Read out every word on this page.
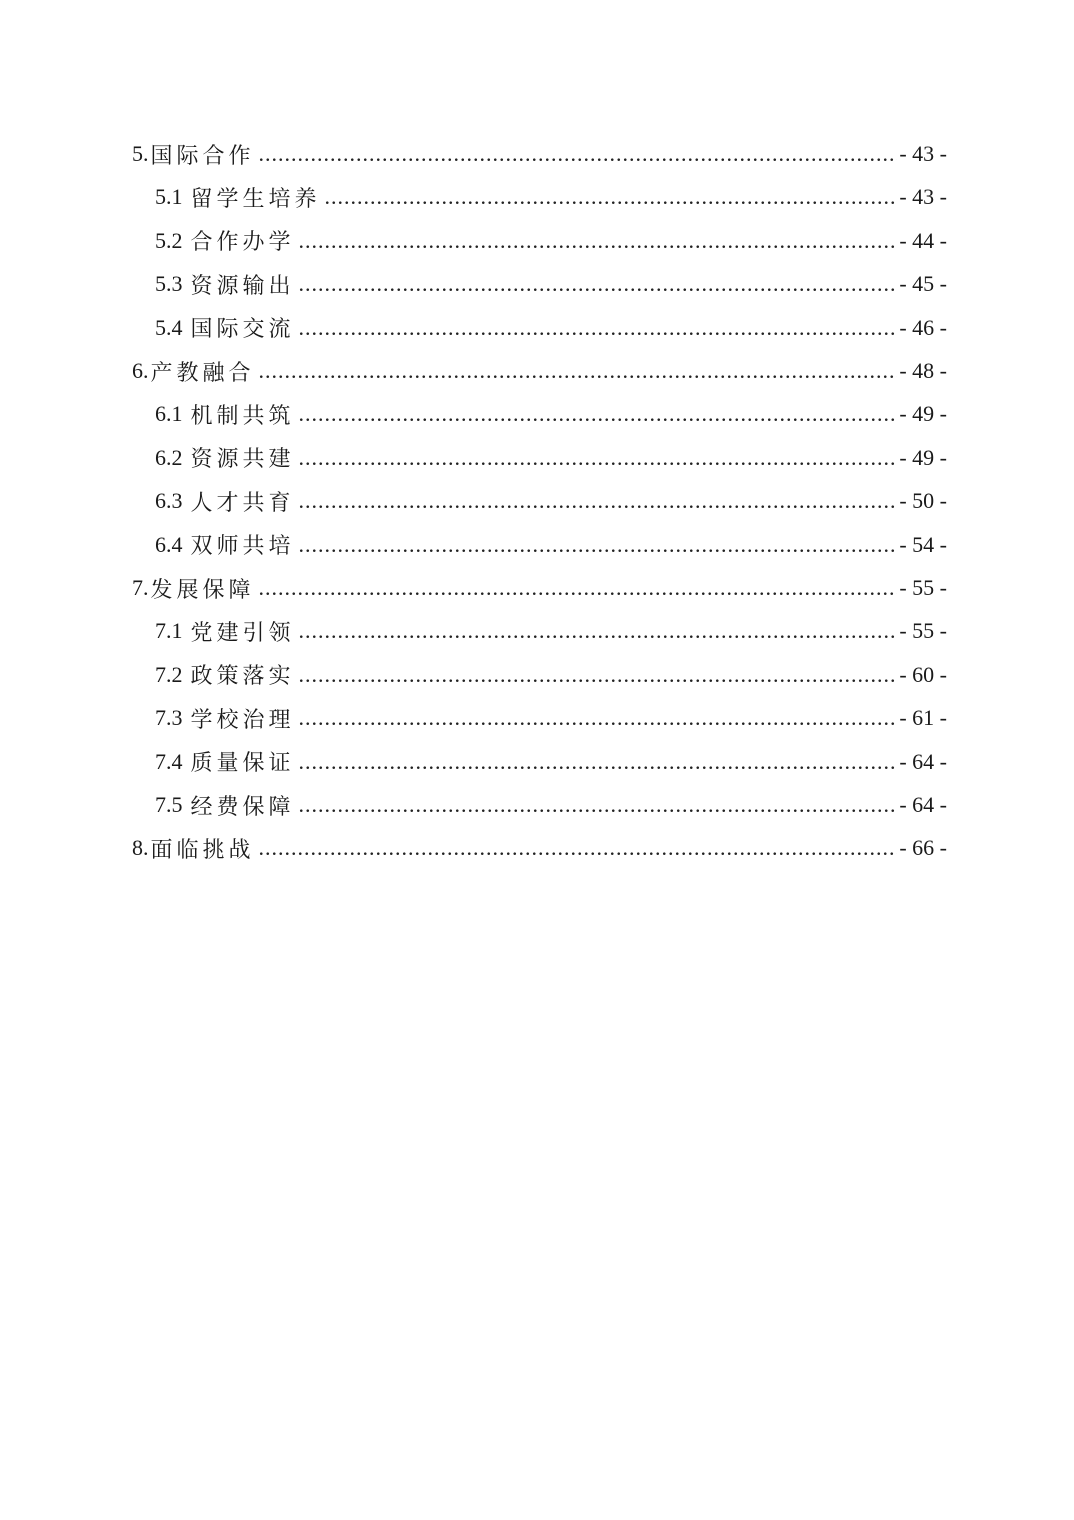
5. 国际合作 .....	- 43 -
5.1 留学生培养 .....	- 43 -
5.2 合作办学 .....	- 44 -
5.3 资源输出 .....	- 45 -
5.4 国际交流 .....	- 46 -
6. 产教融合 .....	- 48 -
6.1 机制共筑 .....	- 49 -
6.2 资源共建 .....	- 49 -
6.3 人才共育 .....	- 50 -
6.4 双师共培 .....	- 54 -
7. 发展保障 .....	- 55 -
7.1 党建引领 .....	- 55 -
7.2 政策落实 .....	- 60 -
7.3 学校治理 .....	- 61 -
7.4 质量保证 .....	- 64 -
7.5 经费保障 .....	- 64 -
8. 面临挑战 .....	- 66 -
